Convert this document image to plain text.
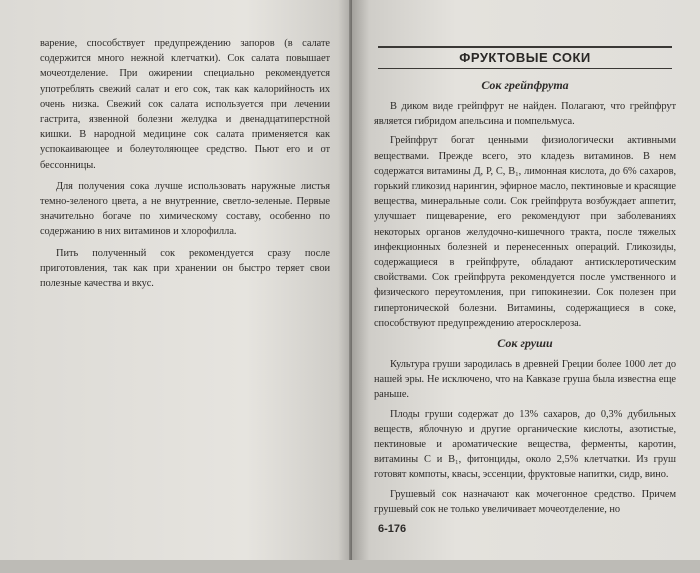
варение, способствует предупреждению запоров (в салате содержится много нежной клетчатки). Сок салата повышает мочеотделение. При ожирении специально рекомендуется употреблять свежий салат и его сок, так как калорийность их очень низка. Свежий сок салата используется при лечении гастрита, язвенной болезни желудка и двенадцатиперстной кишки. В народной медицине сок салата применяется как успокаивающее и болеутоляющее средство. Пьют его и от бессонницы.

Для получения сока лучше использовать наружные листья темно-зеленого цвета, а не внутренние, светло-зеленые. Первые значительно богаче по химическому составу, особенно по содержанию в них витаминов и хлорофилла.

Пить полученный сок рекомендуется сразу после приготовления, так как при хранении он быстро теряет свои полезные качества и вкус.

ФРУКТОВЫЕ СОКИ
Сок грейпфрута

В диком виде грейпфрут не найден. Полагают, что грейпфрут является гибридом апельсина и помпельмуса.

Грейпфрут богат ценными физиологически активными веществами. Прежде всего, это кладезь витаминов. В нем содержатся витамины Д, Р, С, В₁, лимонная кислота, до 6% сахаров, горький гликозид нарингин, эфирное масло, пектиновые и красящие вещества, минеральные соли. Сок грейпфрута возбуждает аппетит, улучшает пищеварение, его рекомендуют при заболеваниях некоторых органов желудочно-кишечного тракта, после тяжелых инфекционных болезней и перенесенных операций. Гликозиды, содержащиеся в грейпфруте, обладают антисклеротическим свойствами. Сок грейпфрута рекомендуется после умственного и физического переутомления, при гипокинезии. Сок полезен при гипертонической болезни. Витамины, содержащиеся в соке, способствуют предупреждению атеросклероза.

Сок груши

Культура груши зародилась в древней Греции более 1000 лет до нашей эры. Не исключено, что на Кавказе груша была известна еще раньше.

Плоды груши содержат до 13% сахаров, до 0,3% дубильных веществ, яблочную и другие органические кислоты, азотистые, пектиновые и ароматические вещества, ферменты, каротин, витамины С и В₁, фитонциды, около 2,5% клетчатки. Из груш готовят компоты, квасы, эссенции, фруктовые напитки, сидр, вино.

Грушевый сок назначают как мочегонное средство. Причем грушевый сок не только увеличивает мочеотделение, но

6-176
